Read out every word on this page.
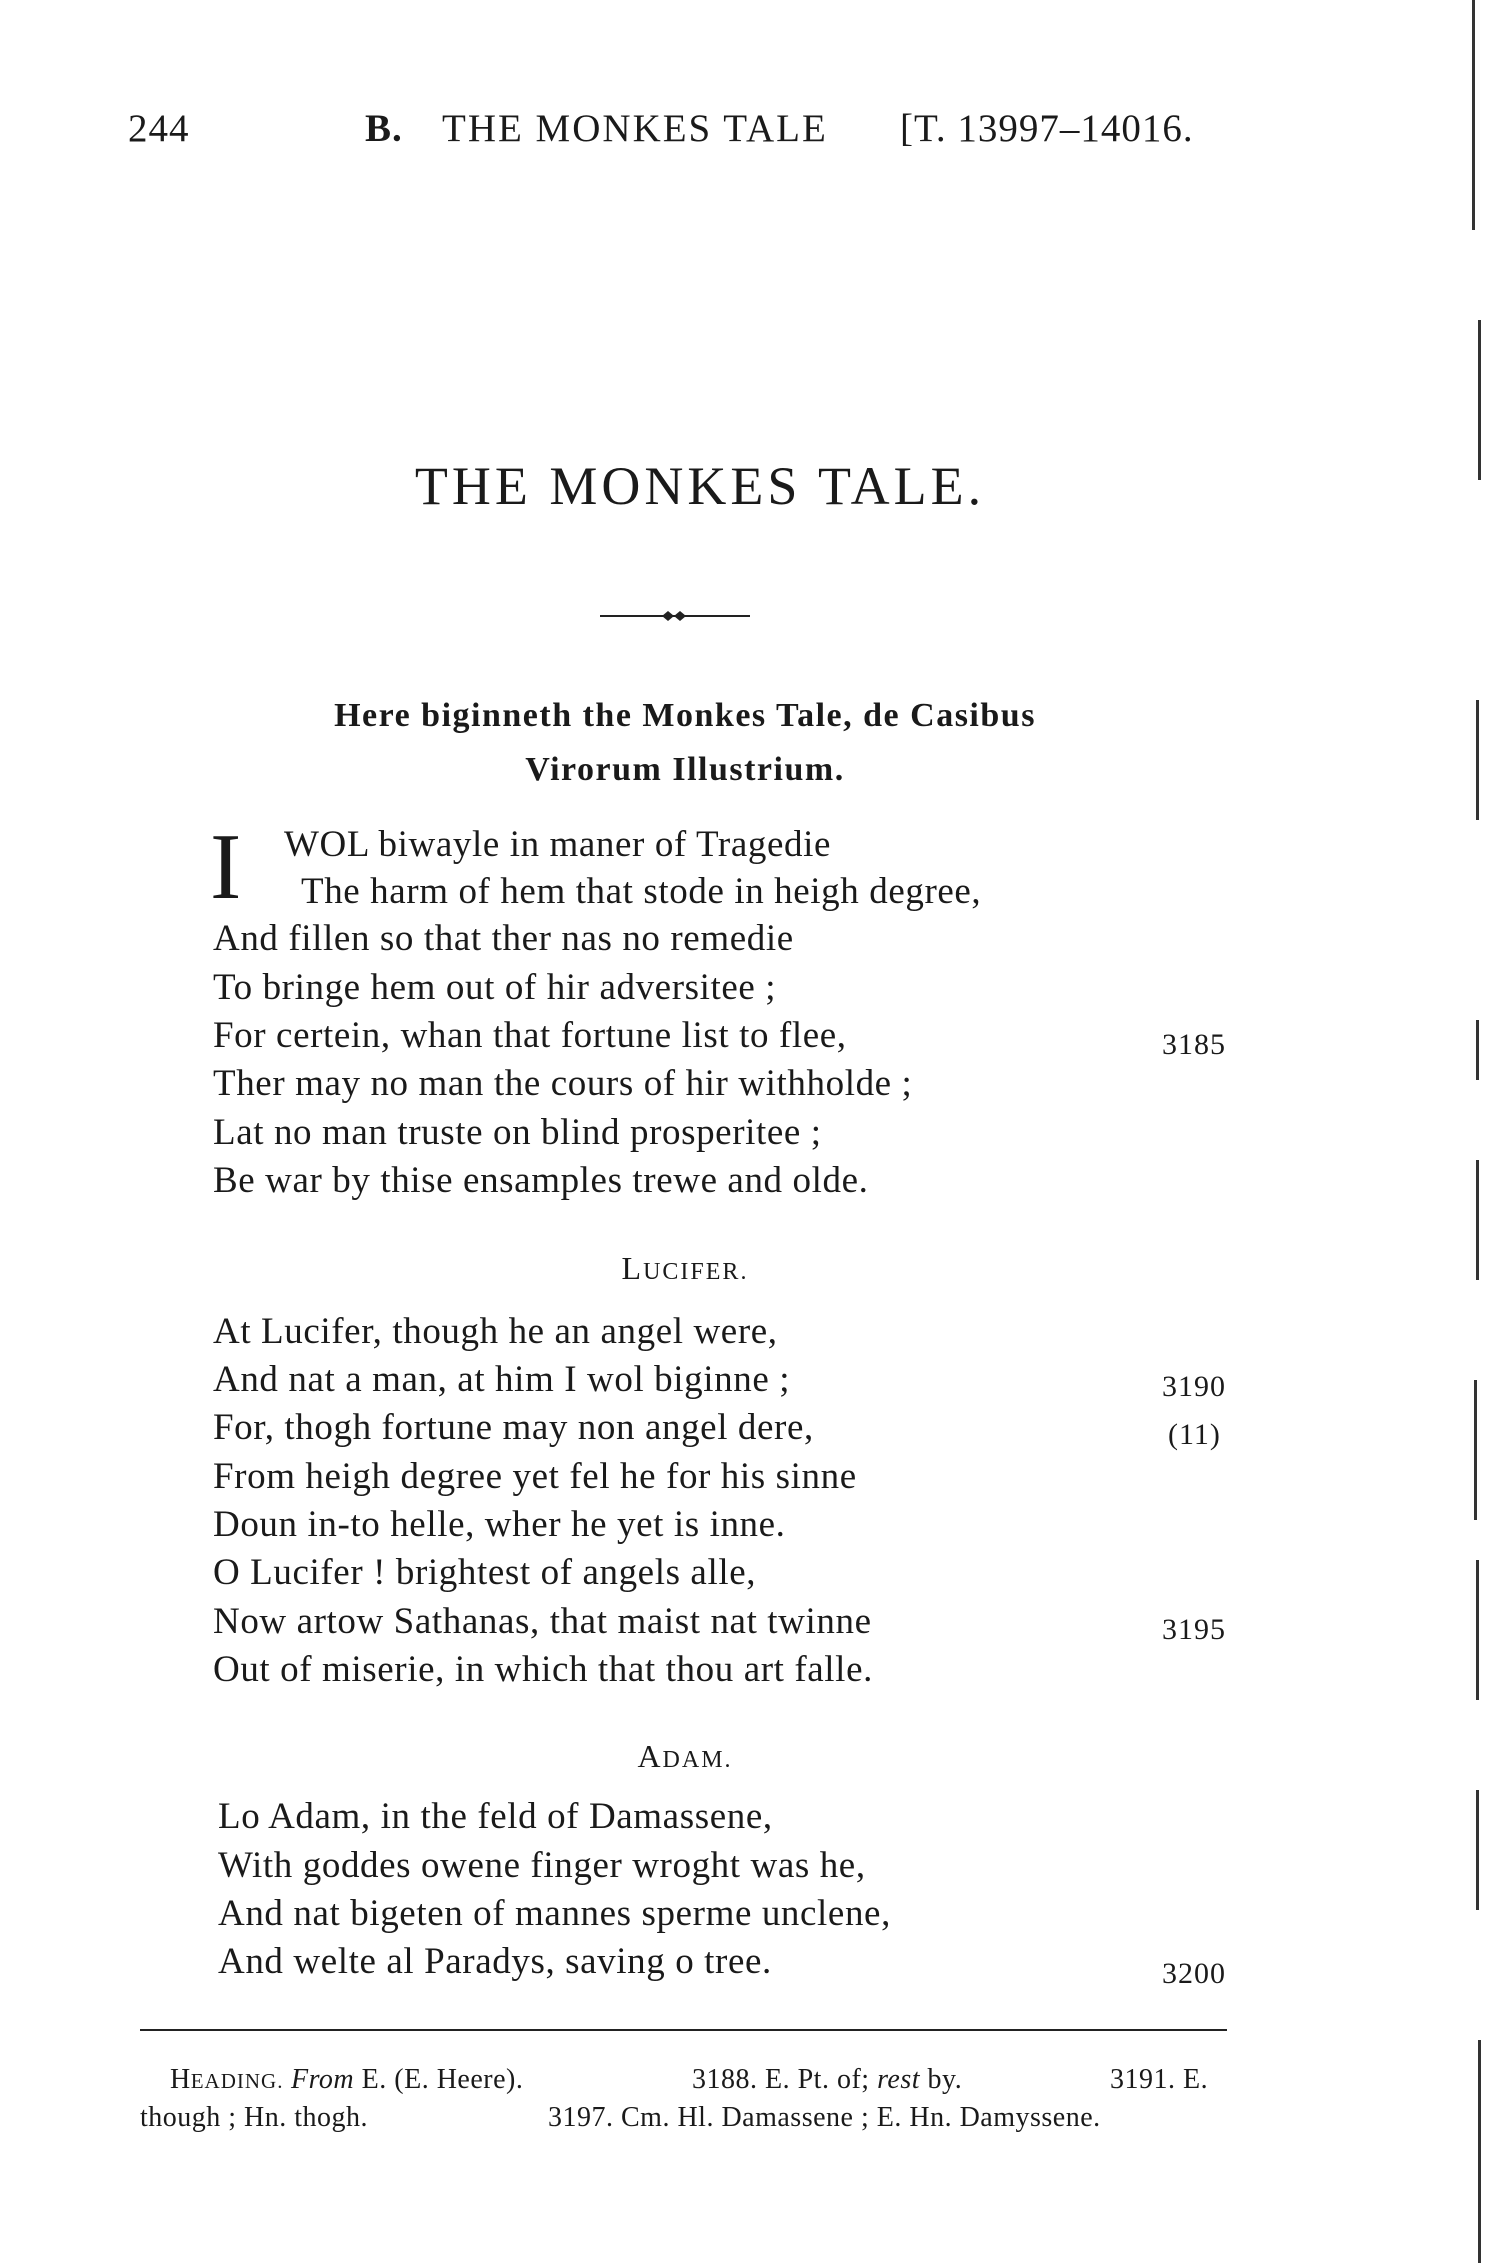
244	B. THE MONKES TALE [T. 13997–14016.
THE MONKES TALE.
Here biginneth the Monkes Tale, de Casibus
Virorum Illustrium.
I WOL biwayle in maner of Tragedie
The harm of hem that stode in heigh degree,
And fillen so that ther nas no remedie
To bringe hem out of hir adversitee ;
For certein, whan that fortune list to flee,
Ther may no man the cours of hir withholde ;
Lat no man truste on blind prosperitee ;
Be war by thise ensamples trewe and olde.
3185
LUCIFER.
At Lucifer, though he an angel were,
And nat a man, at him I wol biginne ;
For, thogh fortune may non angel dere,
From heigh degree yet fel he for his sinne
Doun in-to helle, wher he yet is inne.
O Lucifer ! brightest of angels alle,
Now artow Sathanas, that maist nat twinne
Out of miserie, in which that thou art falle.
3190
(11)
3195
ADAM.
Lo Adam, in the feld of Damassene,
With goddes owene finger wroght was he,
And nat bigeten of mannes sperme unclene,
And welte al Paradys, saving o tree.	3200
HEADING. From E. (E. Heere).	3188. E. Pt. of; rest by.	3191. E.
though ; Hn. thogh.	3197. Cm. Hl. Damassene ; E. Hn. Damyssene.
